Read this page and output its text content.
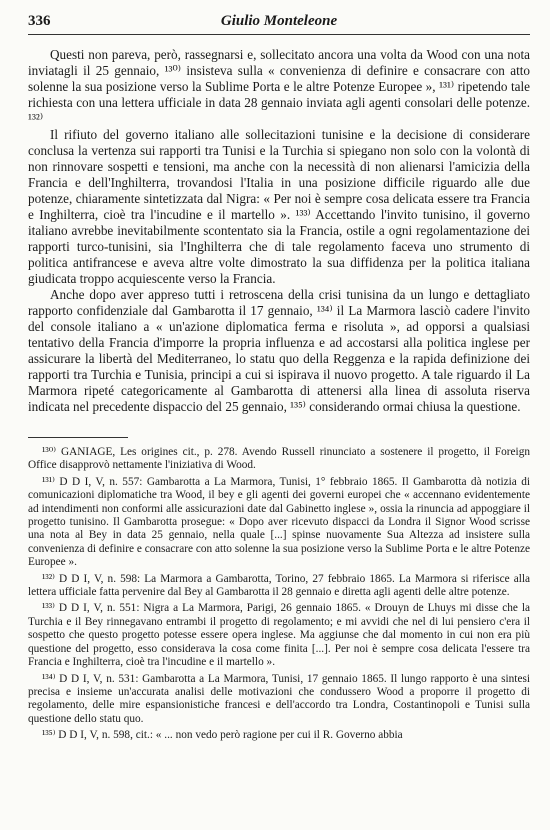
336	Giulio Monteleone

Questi non pareva, però, rassegnarsi e, sollecitato ancora una volta da Wood con una nota inviatagli il 25 gennaio, ¹³⁰⁾ insisteva sulla « convenienza di definire e consacrare con atto solenne la sua posizione verso la Sublime Porta e le altre Potenze Europee », ¹³¹⁾ ripetendo tale richiesta con una lettera ufficiale in data 28 gennaio inviata agli agenti consolari delle potenze. ¹³²⁾

Il rifiuto del governo italiano alle sollecitazioni tunisine e la decisione di considerare conclusa la vertenza sui rapporti tra Tunisi e la Turchia si spiegano non solo con la volontà di non rinnovare sospetti e tensioni, ma anche con la necessità di non alienarsi l'amicizia della Francia e dell'Inghilterra, trovandosi l'Italia in una posizione difficile riguardo alle due potenze, chiaramente sintetizzata dal Nigra: « Per noi è sempre cosa delicata essere tra Francia e Inghilterra, cioè tra l'incudine e il martello ». ¹³³⁾ Accettando l'invito tunisino, il governo italiano avrebbe inevitabilmente scontentato sia la Francia, ostile a ogni regolamentazione dei rapporti turco-tunisini, sia l'Inghilterra che di tale regolamento faceva uno strumento di politica antifrancese e aveva altre volte dimostrato la sua diffidenza per la politica italiana giudicata troppo acquiescente verso la Francia.

Anche dopo aver appreso tutti i retroscena della crisi tunisina da un lungo e dettagliato rapporto confidenziale dal Gambarotta il 17 gennaio, ¹³⁴⁾ il La Marmora lasciò cadere l'invito del console italiano a « un'azione diplomatica ferma e risoluta », ad opporsi a qualsiasi tentativo della Francia d'imporre la propria influenza e ad accostarsi alla politica inglese per assicurare la libertà del Mediterraneo, lo statu quo della Reggenza e la rapida definizione dei rapporti tra Turchia e Tunisia, principi a cui si ispirava il nuovo progetto. A tale riguardo il La Marmora ripeté categoricamente al Gambarotta di attenersi alla linea di assoluta riserva indicata nel precedente dispaccio del 25 gennaio, ¹³⁵⁾ considerando ormai chiusa la questione.

¹³⁰⁾ GANIAGE, Les origines cit., p. 278. Avendo Russell rinunciato a sostenere il progetto, il Foreign Office disapprovò nettamente l'iniziativa di Wood.

¹³¹⁾ D D I, V, n. 557: Gambarotta a La Marmora, Tunisi, 1° febbraio 1865. Il Gambarotta dà notizia di comunicazioni diplomatiche tra Wood, il bey e gli agenti dei governi europei che « accennano evidentemente ad intendimenti non conformi alle assicurazioni date dal Gabinetto inglese », ossia la rinuncia ad appoggiare il progetto tunisino. Il Gambarotta prosegue: « Dopo aver ricevuto dispacci da Londra il Signor Wood scrisse una nota al Bey in data 25 gennaio, nella quale [...] spinse nuovamente Sua Altezza ad insistere sulla convenienza di definire e consacrare con atto solenne la sua posizione verso la Sublime Porta e le altre Potenze Europee ».

¹³²⁾ D D I, V, n. 598: La Marmora a Gambarotta, Torino, 27 febbraio 1865. La Marmora si riferisce alla lettera ufficiale fatta pervenire dal Bey al Gambarotta il 28 gennaio e diretta agli agenti delle altre potenze.

¹³³⁾ D D I, V, n. 551: Nigra a La Marmora, Parigi, 26 gennaio 1865. « Drouyn de Lhuys mi disse che la Turchia e il Bey rinnegavano entrambi il progetto di regolamento; e mi avvidi che nel di lui pensiero c'era il sospetto che questo progetto potesse essere opera inglese. Ma aggiunse che dal momento in cui non era più questione del progetto, esso considerava la cosa come finita [...]. Per noi è sempre cosa delicata l'essere tra Francia e Inghilterra, cioè tra l'incudine e il martello ».

¹³⁴⁾ D D I, V, n. 531: Gambarotta a La Marmora, Tunisi, 17 gennaio 1865. Il lungo rapporto è una sintesi precisa e insieme un'accurata analisi delle motivazioni che condussero Wood a proporre il progetto di regolamento, delle mire espansionistiche francesi e dell'accordo tra Londra, Costantinopoli e Tunisi sulla questione dello statu quo.

¹³⁵⁾ D D I, V, n. 598, cit.: « ... non vedo però ragione per cui il R. Governo abbia
